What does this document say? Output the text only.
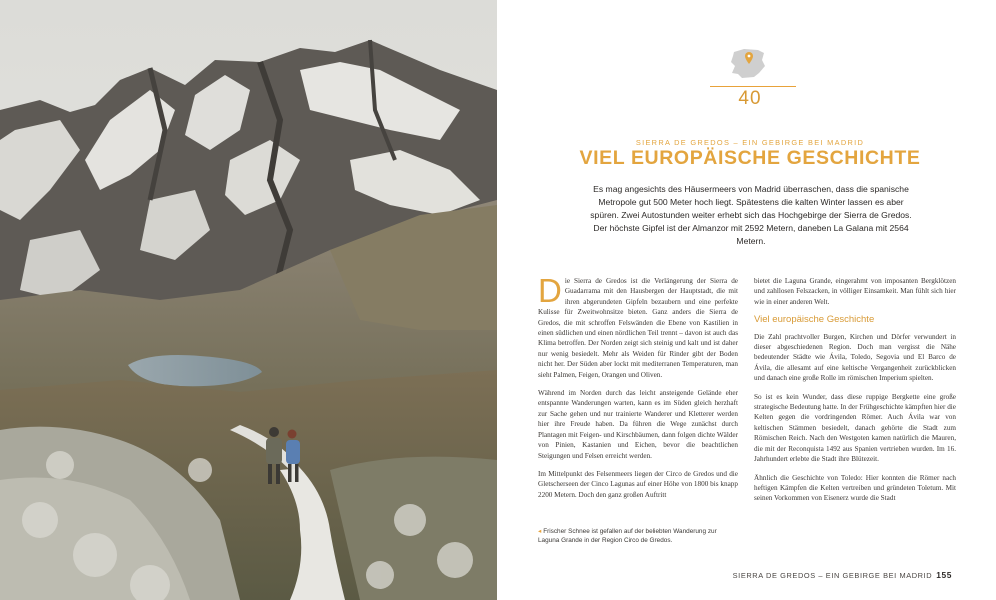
40
SIERRA DE GREDOS – EIN GEBIRGE BEI MADRID
VIEL EUROPÄISCHE GESCHICHTE
Es mag angesichts des Häusermeers von Madrid überraschen, dass die spanische Metropole gut 500 Meter hoch liegt. Spätestens die kalten Winter lassen es aber spüren. Zwei Autostunden weiter erhebt sich das Hochgebirge der Sierra de Gredos. Der höchste Gipfel ist der Almanzor mit 2592 Metern, daneben La Galana mit 2564 Metern.

Die Sierra de Gredos ist die Verlängerung der Sierra de Guadarrama mit den Hausbergen der Hauptstadt, die mit ihren abgerundeten Gipfeln bezaubern und eine perfekte Kulisse für Zweitwohnsitze bieten. Ganz anders die Sierra de Gredos, die mit schroffen Felswänden die Ebene von Kastilien in einen südlichen und einen nördlichen Teil trennt – davon ist auch das Klima betroffen. Der Norden zeigt sich steinig und kalt und ist daher nur wenig besiedelt. Mehr als Weiden für Rinder gibt der Boden nicht her. Der Süden aber lockt mit mediterranen Temperaturen, man sieht Palmen, Feigen, Orangen und Oliven.

Während im Norden durch das leicht ansteigende Gelände eher entspannte Wanderungen warten, kann es im Süden gleich herzhaft zur Sache gehen und nur trainierte Wanderer und Kletterer werden hier ihre Freude haben. Da führen die Wege zunächst durch Plantagen mit Feigen- und Kirschbäumen, dann folgen dichte Wälder von Pinien, Kastanien und Eichen, bevor die beachtlichen Steigungen und Felsen erreicht werden.

Im Mittelpunkt des Felsenmeers liegen der Circo de Gredos und die Gletscherseen der Cinco Lagunas auf einer Höhe von 1800 bis knapp 2200 Metern. Doch den ganz großen Auftritt

◂ Frischer Schnee ist gefallen auf der beliebten Wanderung zur Laguna Grande in der Region Circo de Gredos.

bietet die Laguna Grande, eingerahmt von imposanten Bergklötzen und zahllosen Felszacken, in völliger Einsamkeit. Man fühlt sich hier wie in einer anderen Welt.

Viel europäische Geschichte

Die Zahl prachtvoller Burgen, Kirchen und Dörfer verwundert in dieser abgeschiedenen Region. Doch man vergisst die Nähe bedeutender Städte wie Ávila, Toledo, Segovia und El Barco de Ávila, die allesamt auf eine keltische Vergangenheit zurückblicken und danach eine große Rolle im römischen Imperium spielten.

So ist es kein Wunder, dass diese ruppige Bergkette eine große strategische Bedeutung hatte. In der Frühgeschichte kämpften hier die Kelten gegen die vordringenden Römer. Auch Ávila war von keltischen Stämmen besiedelt, danach gehörte die Stadt zum Römischen Reich. Nach den Westgoten kamen natürlich die Mauren, die mit der Reconquista 1492 aus Spanien vertrieben wurden. Im 16. Jahrhundert erlebte die Stadt ihre Blütezeit.

Ähnlich die Geschichte von Toledo: Hier konnten die Römer nach heftigen Kämpfen die Kelten vertreiben und gründeten Toletum. Mit seinen Vorkommen von Eisenerz wurde die Stadt

SIERRA DE GREDOS – EIN GEBIRGE BEI MADRID 155
